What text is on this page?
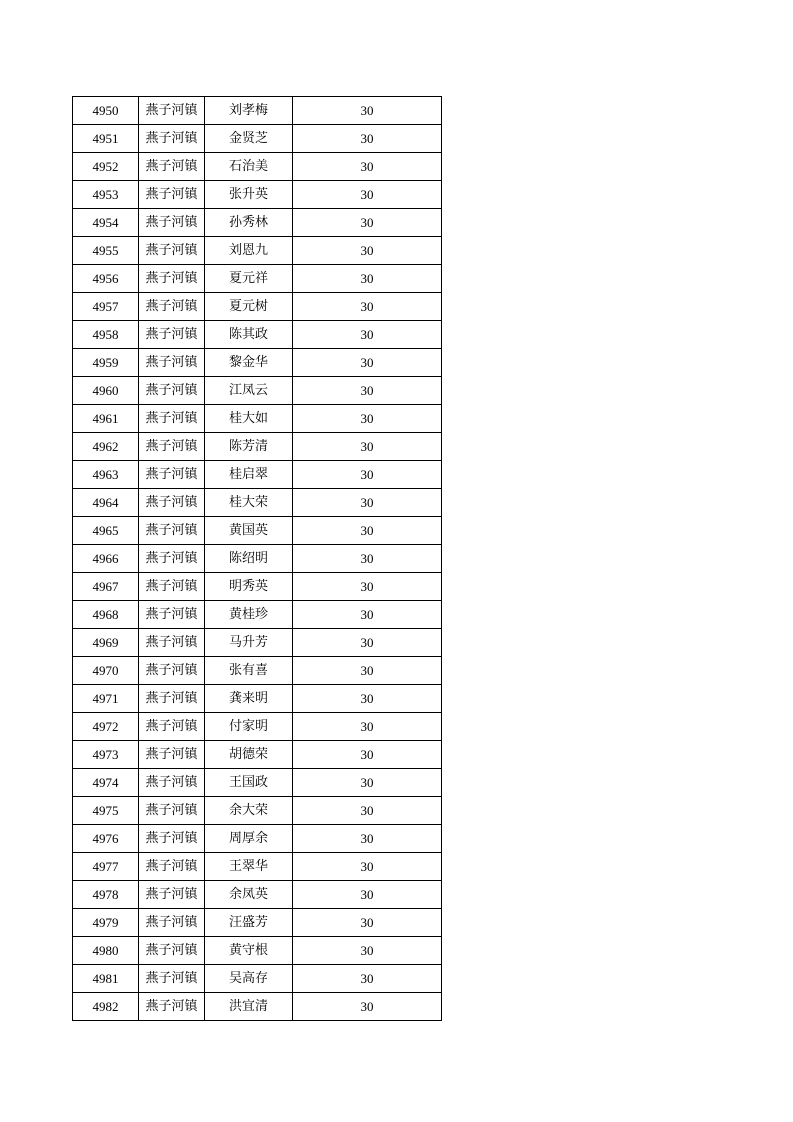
4950	燕子河镇	刘孝梅	30
4951	燕子河镇	金贤芝	30
4952	燕子河镇	石治美	30
4953	燕子河镇	张升英	30
4954	燕子河镇	孙秀林	30
4955	燕子河镇	刘恩九	30
4956	燕子河镇	夏元祥	30
4957	燕子河镇	夏元树	30
4958	燕子河镇	陈其政	30
4959	燕子河镇	黎金华	30
4960	燕子河镇	江凤云	30
4961	燕子河镇	桂大如	30
4962	燕子河镇	陈芳清	30
4963	燕子河镇	桂启翠	30
4964	燕子河镇	桂大荣	30
4965	燕子河镇	黄国英	30
4966	燕子河镇	陈绍明	30
4967	燕子河镇	明秀英	30
4968	燕子河镇	黄桂珍	30
4969	燕子河镇	马升芳	30
4970	燕子河镇	张有喜	30
4971	燕子河镇	龚来明	30
4972	燕子河镇	付家明	30
4973	燕子河镇	胡德荣	30
4974	燕子河镇	王国政	30
4975	燕子河镇	余大荣	30
4976	燕子河镇	周厚余	30
4977	燕子河镇	王翠华	30
4978	燕子河镇	余凤英	30
4979	燕子河镇	汪盛芳	30
4980	燕子河镇	黄守根	30
4981	燕子河镇	吴高存	30
4982	燕子河镇	洪宜清	30
